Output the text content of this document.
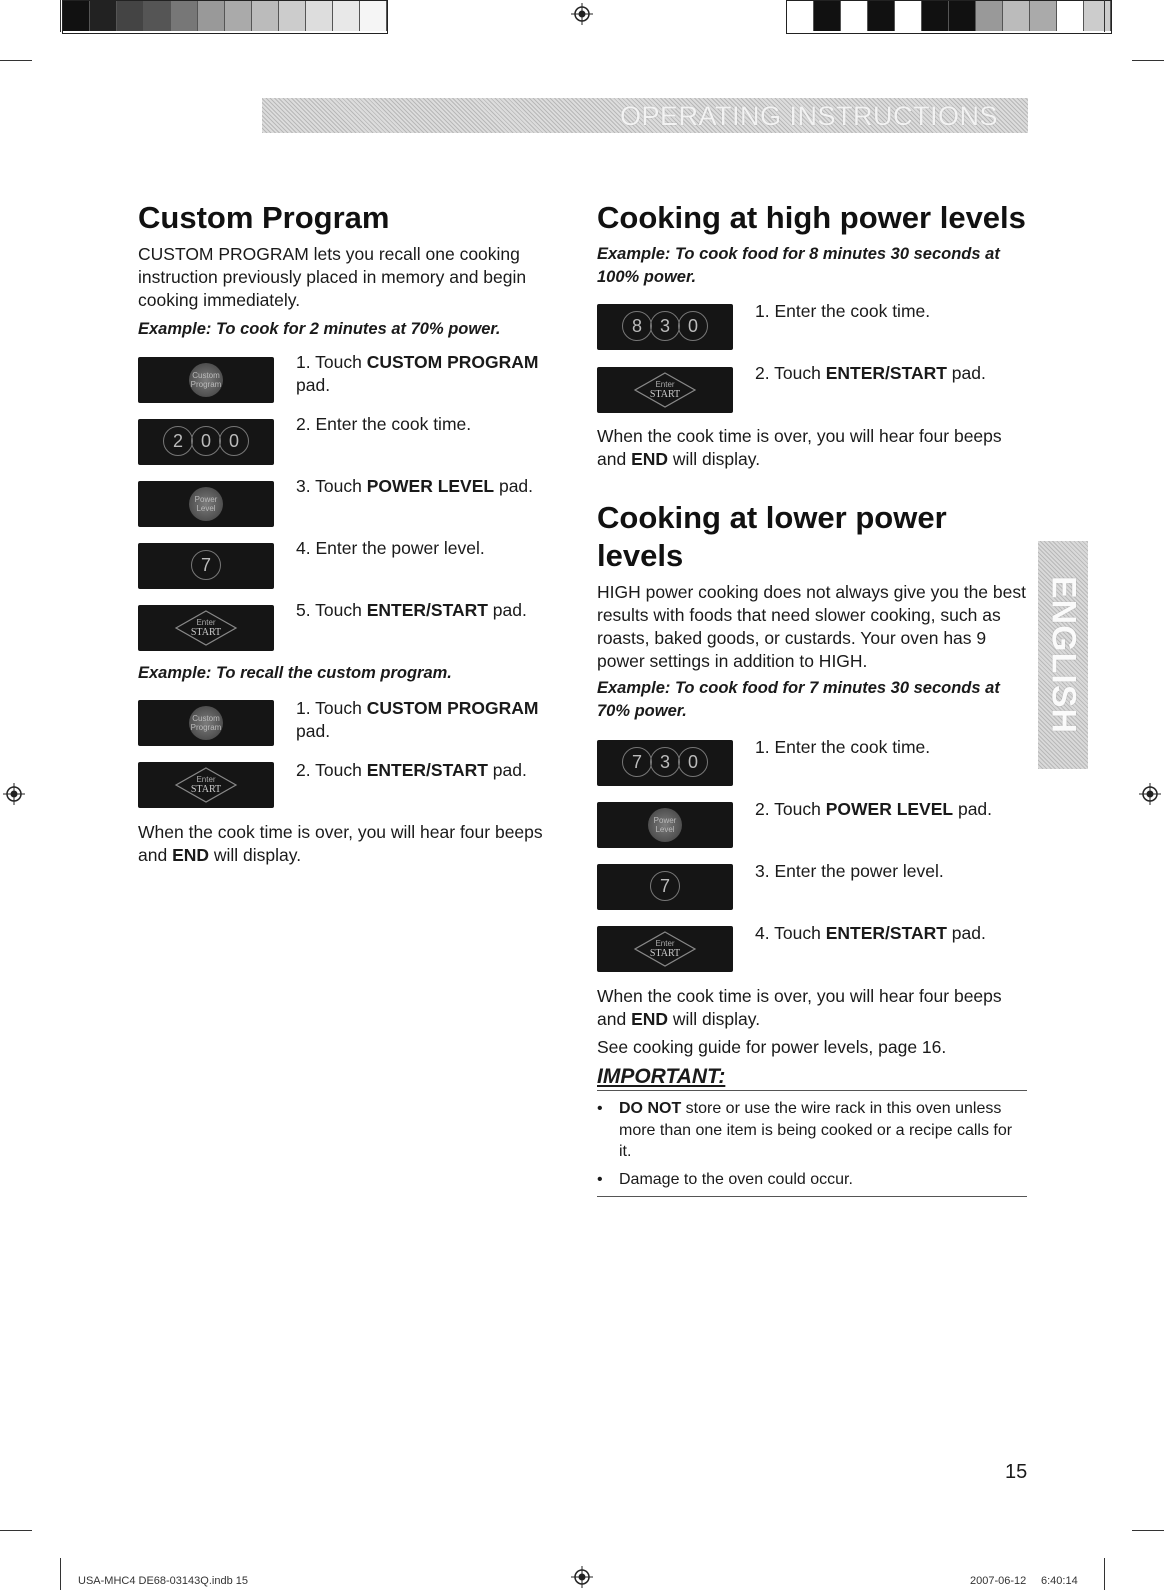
OPERATING INSTRUCTIONS
ENGLISH
Custom Program
CUSTOM PROGRAM lets you recall one cooking instruction previously placed in memory and begin cooking immediately.
Example: To cook for 2 minutes at 70% power.
Custom Program
2 0 0
Power Level
7
Enter
START
1. Touch CUSTOM PROGRAM pad.
2. Enter the cook time.
3. Touch POWER LEVEL pad.
4. Enter the power level.
5. Touch ENTER/START pad.
Example: To recall the custom program.
Custom Program
Enter
START
1. Touch CUSTOM PROGRAM pad.
2. Touch ENTER/START pad.
When the cook time is over, you will hear four beeps and END will display.
Cooking at high power levels
Example: To cook food for 8 minutes 30 seconds at 100% power.
8 3 0
Enter
START
1. Enter the cook time.
2. Touch ENTER/START pad.
When the cook time is over, you will hear four beeps and END will display.
Cooking at lower power
levels
HIGH power cooking does not always give you the best results with foods that need slower cooking, such as roasts, baked goods, or custards. Your oven has 9 power settings in addition to HIGH.
Example: To cook food for 7 minutes 30 seconds at 70% power.
7 3 0
Power Level
7
Enter
START
1. Enter the cook time.
2. Touch POWER LEVEL pad.
3. Enter the power level.
4. Touch ENTER/START pad.
When the cook time is over, you will hear four beeps and END will display.
See cooking guide for power levels, page 16.
IMPORTANT:
•	DO NOT store or use the wire rack in this oven unless more than one item is being cooked or a recipe calls for it.
•	Damage to the oven could occur.
15
USA-MHC4 DE68-03143Q.indb 15	2007-06-12 6:40:14
